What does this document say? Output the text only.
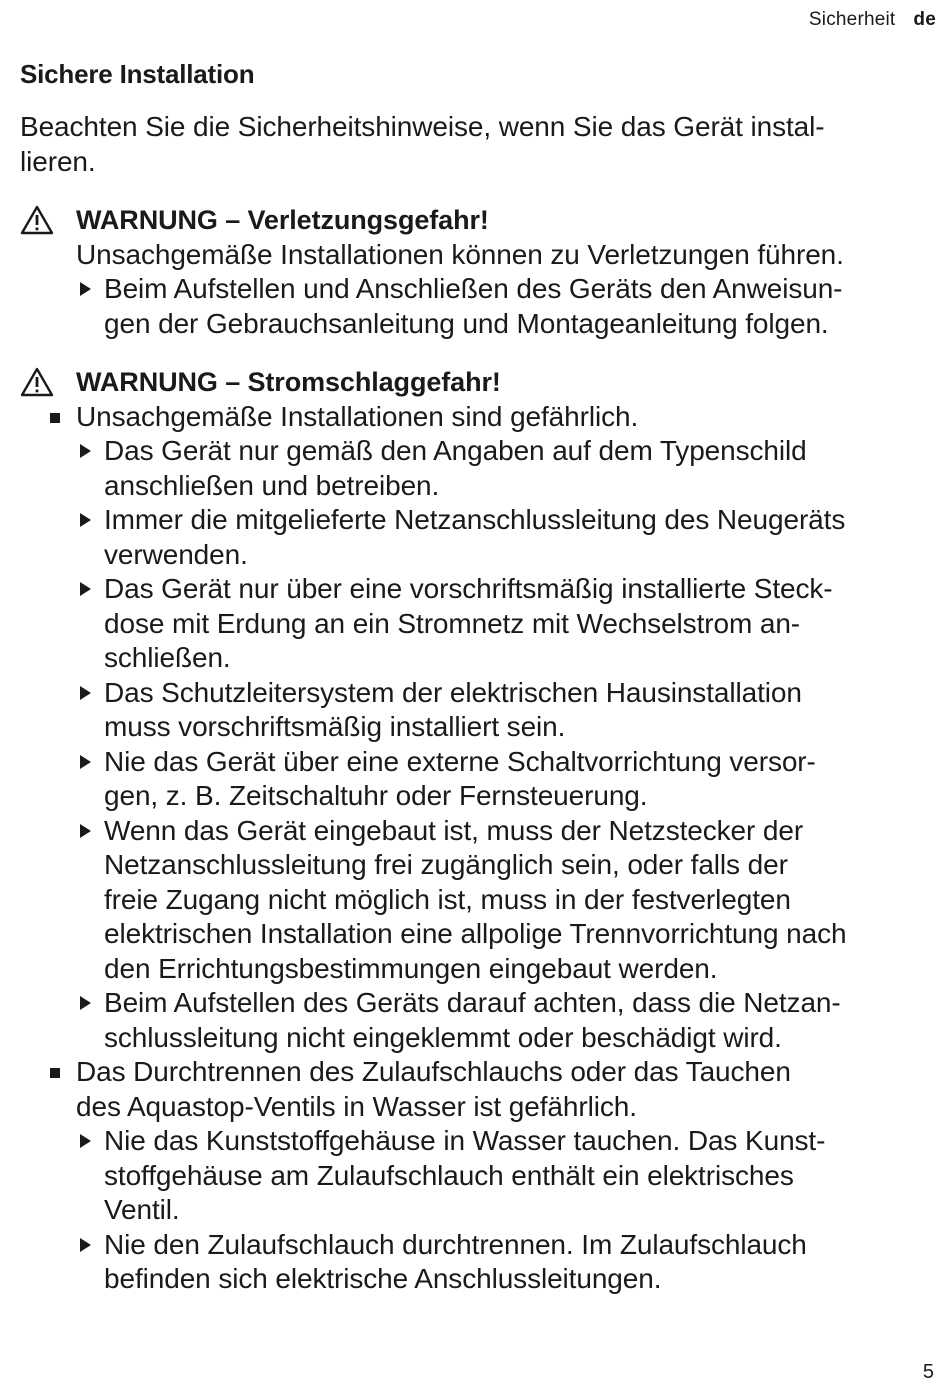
Sicherheit de
Sichere Installation
Beachten Sie die Sicherheitshinweise, wenn Sie das Gerät instal-
lieren.
WARNUNG – Verletzungsgefahr!
Unsachgemäße Installationen können zu Verletzungen führen.
Beim Aufstellen und Anschließen des Geräts den Anweisun-
gen der Gebrauchsanleitung und Montageanleitung folgen.
WARNUNG – Stromschlaggefahr!
Unsachgemäße Installationen sind gefährlich.
Das Gerät nur gemäß den Angaben auf dem Typenschild
anschließen und betreiben.
Immer die mitgelieferte Netzanschlussleitung des Neugeräts
verwenden.
Das Gerät nur über eine vorschriftsmäßig installierte Steck-
dose mit Erdung an ein Stromnetz mit Wechselstrom an-
schließen.
Das Schutzleitersystem der elektrischen Hausinstallation
muss vorschriftsmäßig installiert sein.
Nie das Gerät über eine externe Schaltvorrichtung versor-
gen, z. B. Zeitschaltuhr oder Fernsteuerung.
Wenn das Gerät eingebaut ist, muss der Netzstecker der
Netzanschlussleitung frei zugänglich sein, oder falls der
freie Zugang nicht möglich ist, muss in der festverlegten
elektrischen Installation eine allpolige Trennvorrichtung nach
den Errichtungsbestimmungen eingebaut werden.
Beim Aufstellen des Geräts darauf achten, dass die Netzan-
schlussleitung nicht eingeklemmt oder beschädigt wird.
Das Durchtrennen des Zulaufschlauchs oder das Tauchen
des Aquastop-Ventils in Wasser ist gefährlich.
Nie das Kunststoffgehäuse in Wasser tauchen. Das Kunst-
stoffgehäuse am Zulaufschlauch enthält ein elektrisches
Ventil.
Nie den Zulaufschlauch durchtrennen. Im Zulaufschlauch
befinden sich elektrische Anschlussleitungen.
5
